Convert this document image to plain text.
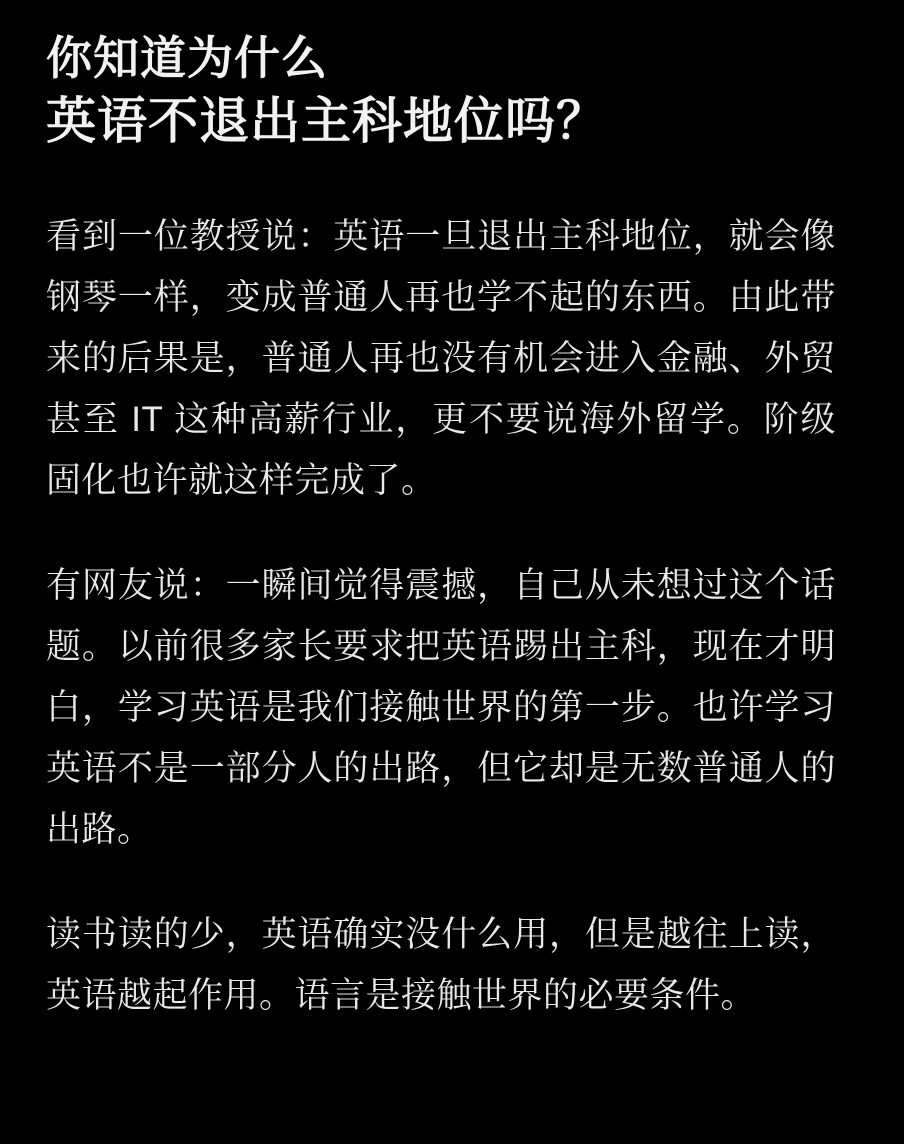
你知道为什么
英语不退出主科地位吗？

看到一位教授说：英语一旦退出主科地位，就会像钢琴一样，变成普通人再也学不起的东西。由此带来的后果是，普通人再也没有机会进入金融、外贸甚至 IT 这种高薪行业，更不要说海外留学。阶级固化也许就这样完成了。

有网友说：一瞬间觉得震撼，自己从未想过这个话题。以前很多家长要求把英语踢出主科，现在才明白，学习英语是我们接触世界的第一步。也许学习英语不是一部分人的出路，但它却是无数普通人的出路。

读书读的少，英语确实没什么用，但是越往上读，英语越起作用。语言是接触世界的必要条件。
